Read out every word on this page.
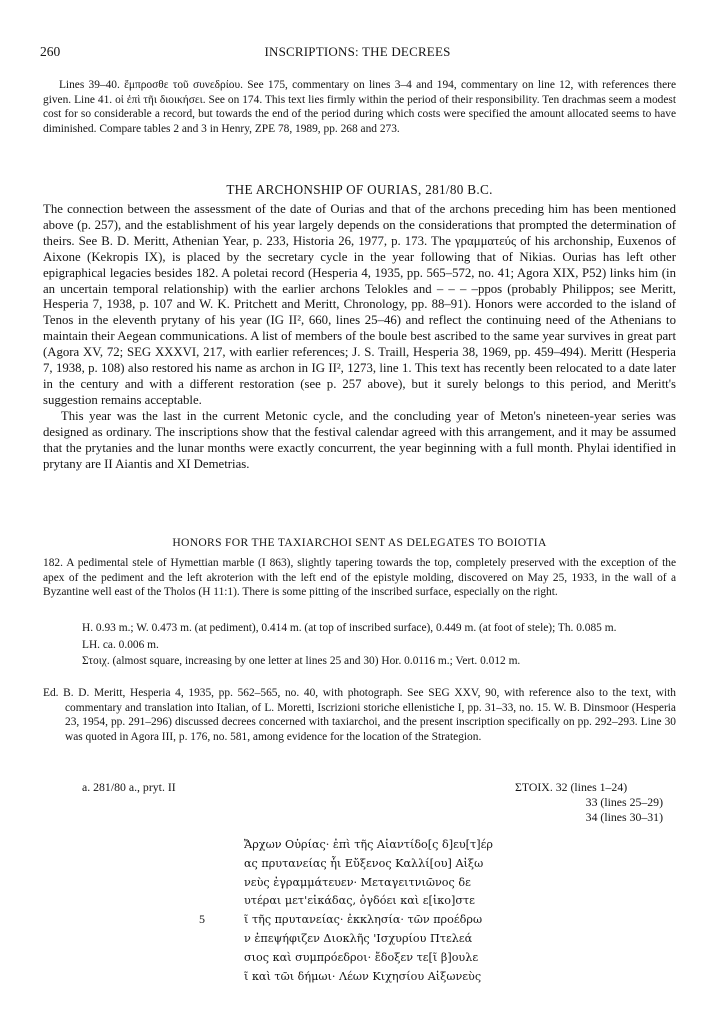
260	INSCRIPTIONS: THE DECREES

Lines 39–40. ἔμπροσθε τοῦ συνεδρίου. See 175, commentary on lines 3–4 and 194, commentary on line 12, with references there given. Line 41. οἱ ἐπὶ τῆι διοικήσει. See on 174. This text lies firmly within the period of their responsibility. Ten drachmas seem a modest cost for so considerable a record, but towards the end of the period during which costs were specified the amount allocated seems to have diminished. Compare tables 2 and 3 in Henry, ZPE 78, 1989, pp. 268 and 273.

THE ARCHONSHIP OF OURIAS, 281/80 B.C.

The connection between the assessment of the date of Ourias and that of the archons preceding him has been mentioned above (p. 257), and the establishment of his year largely depends on the considerations that prompted the determination of theirs. See B. D. Meritt, Athenian Year, p. 233, Historia 26, 1977, p. 173. The γραμματεύς of his archonship, Euxenos of Aixone (Kekropis IX), is placed by the secretary cycle in the year following that of Nikias. Ourias has left other epigraphical legacies besides 182. A poletai record (Hesperia 4, 1935, pp. 565–572, no. 41; Agora XIX, P52) links him (in an uncertain temporal relationship) with the earlier archons Telokles and – – – –ppos (probably Philippos; see Meritt, Hesperia 7, 1938, p. 107 and W. K. Pritchett and Meritt, Chronology, pp. 88–91). Honors were accorded to the island of Tenos in the eleventh prytany of his year (IG II², 660, lines 25–46) and reflect the continuing need of the Athenians to maintain their Aegean communications. A list of members of the boule best ascribed to the same year survives in great part (Agora XV, 72; SEG XXXVI, 217, with earlier references; J. S. Traill, Hesperia 38, 1969, pp. 459–494). Meritt (Hesperia 7, 1938, p. 108) also restored his name as archon in IG II², 1273, line 1. This text has recently been relocated to a date later in the century and with a different restoration (see p. 257 above), but it surely belongs to this period, and Meritt's suggestion remains acceptable.

This year was the last in the current Metonic cycle, and the concluding year of Meton's nineteen-year series was designed as ordinary. The inscriptions show that the festival calendar agreed with this arrangement, and it may be assumed that the prytanies and the lunar months were exactly concurrent, the year beginning with a full month. Phylai identified in prytany are II Aiantis and XI Demetrias.

HONORS FOR THE TAXIARCHOI SENT AS DELEGATES TO BOIOTIA

182. A pedimental stele of Hymettian marble (I 863), slightly tapering towards the top, completely preserved with the exception of the apex of the pediment and the left akroterion with the left end of the epistyle molding, discovered on May 25, 1933, in the wall of a Byzantine well east of the Tholos (H 11:1). There is some pitting of the inscribed surface, especially on the right.

H. 0.93 m.; W. 0.473 m. (at pediment), 0.414 m. (at top of inscribed surface), 0.449 m. (at foot of stele); Th. 0.085 m.

LH. ca. 0.006 m.

Στοιχ. (almost square, increasing by one letter at lines 25 and 30) Hor. 0.0116 m.; Vert. 0.012 m.

Ed. B. D. Meritt, Hesperia 4, 1935, pp. 562–565, no. 40, with photograph. See SEG XXV, 90, with reference also to the text, with commentary and translation into Italian, of L. Moretti, Iscrizioni storiche ellenistiche I, pp. 31–33, no. 15. W. B. Dinsmoor (Hesperia 23, 1954, pp. 291–296) discussed decrees concerned with taxiarchoi, and the present inscription specifically on pp. 292–293. Line 30 was quoted in Agora III, p. 176, no. 581, among evidence for the location of the Strategion.

a. 281/80 a., pryt. II	ΣΤΟΙΧ. 32 (lines 1–24)
33 (lines 25–29)
34 (lines 30–31)
5
Ἄρχων Οὐρίας· ἐπὶ τῆς Αἰαντίδο[ς δ]ευ[τ]έρ
ας πρυτανείας ἧι Εὔξενος Καλλί[ου] Αἰξω
νεὺς ἐγραμμάτευεν· Μεταγειτνιῶνος δε
υτέραι μετ'εἰκάδας, ὀγδόει καὶ ε[ἰκο]στε
ῖ τῆς πρυτανείας· ἐκκλησία· τῶν προέδρω
ν ἐπεψήφιζεν Διοκλῆς 'Ισχυρίου Πτελεά
σιος καὶ συμπρόεδροι· ἔδοξεν τε[ῖ β]ουλε
ῖ καὶ τῶι δήμωι· Λέων Κιχησίου Αἰξωνεὺς
